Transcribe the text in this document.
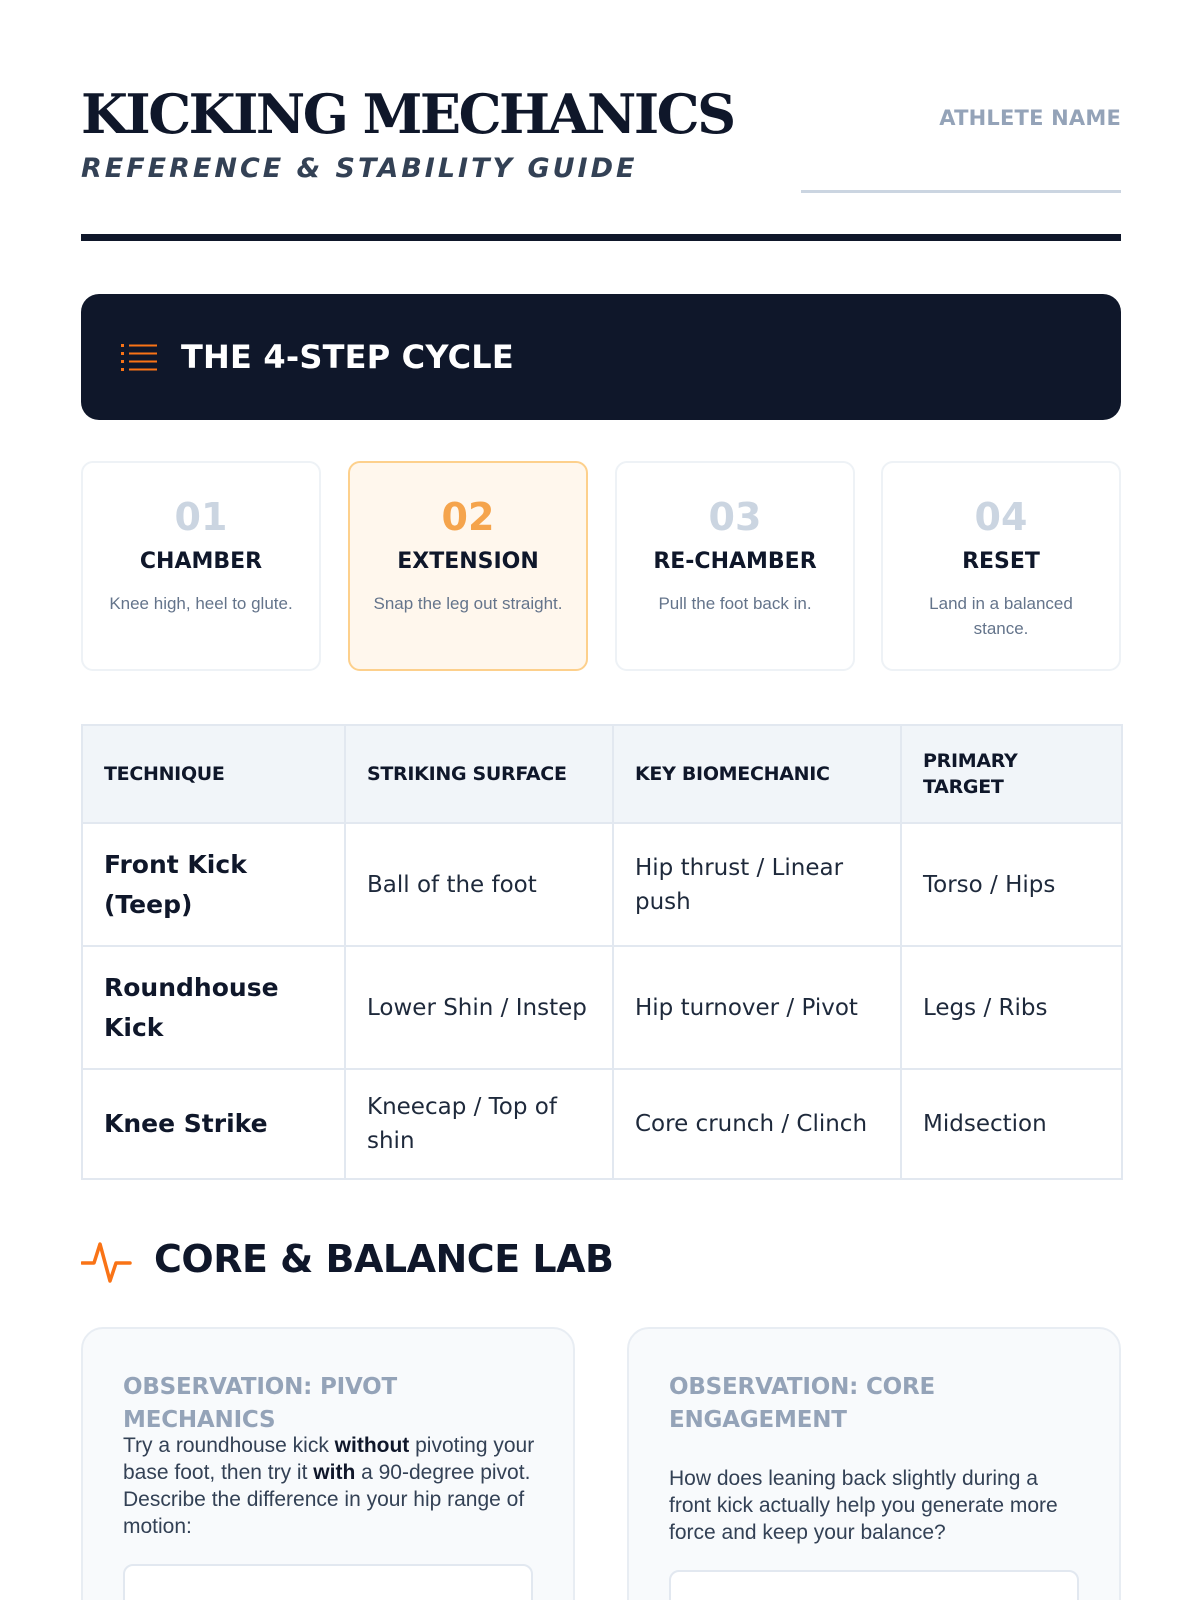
KICKING MECHANICS
REFERENCE & STABILITY GUIDE
ATHLETE NAME
THE 4-STEP CYCLE
01
CHAMBER
Knee high, heel to glute.
02
EXTENSION
Snap the leg out straight.
03
RE-CHAMBER
Pull the foot back in.
04
RESET
Land in a balanced stance.
TECHNIQUE	STRIKING SURFACE	KEY BIOMECHANIC	PRIMARY TARGET
Front Kick (Teep)	Ball of the foot	Hip thrust / Linear push	Torso / Hips
Roundhouse Kick	Lower Shin / Instep	Hip turnover / Pivot	Legs / Ribs
Knee Strike	Kneecap / Top of shin	Core crunch / Clinch	Midsection
CORE & BALANCE LAB
OBSERVATION: PIVOT MECHANICS
Try a roundhouse kick without pivoting your base foot, then try it with a 90-degree pivot. Describe the difference in your hip range of motion:
OBSERVATION: CORE ENGAGEMENT
How does leaning back slightly during a front kick actually help you generate more force and keep your balance?
